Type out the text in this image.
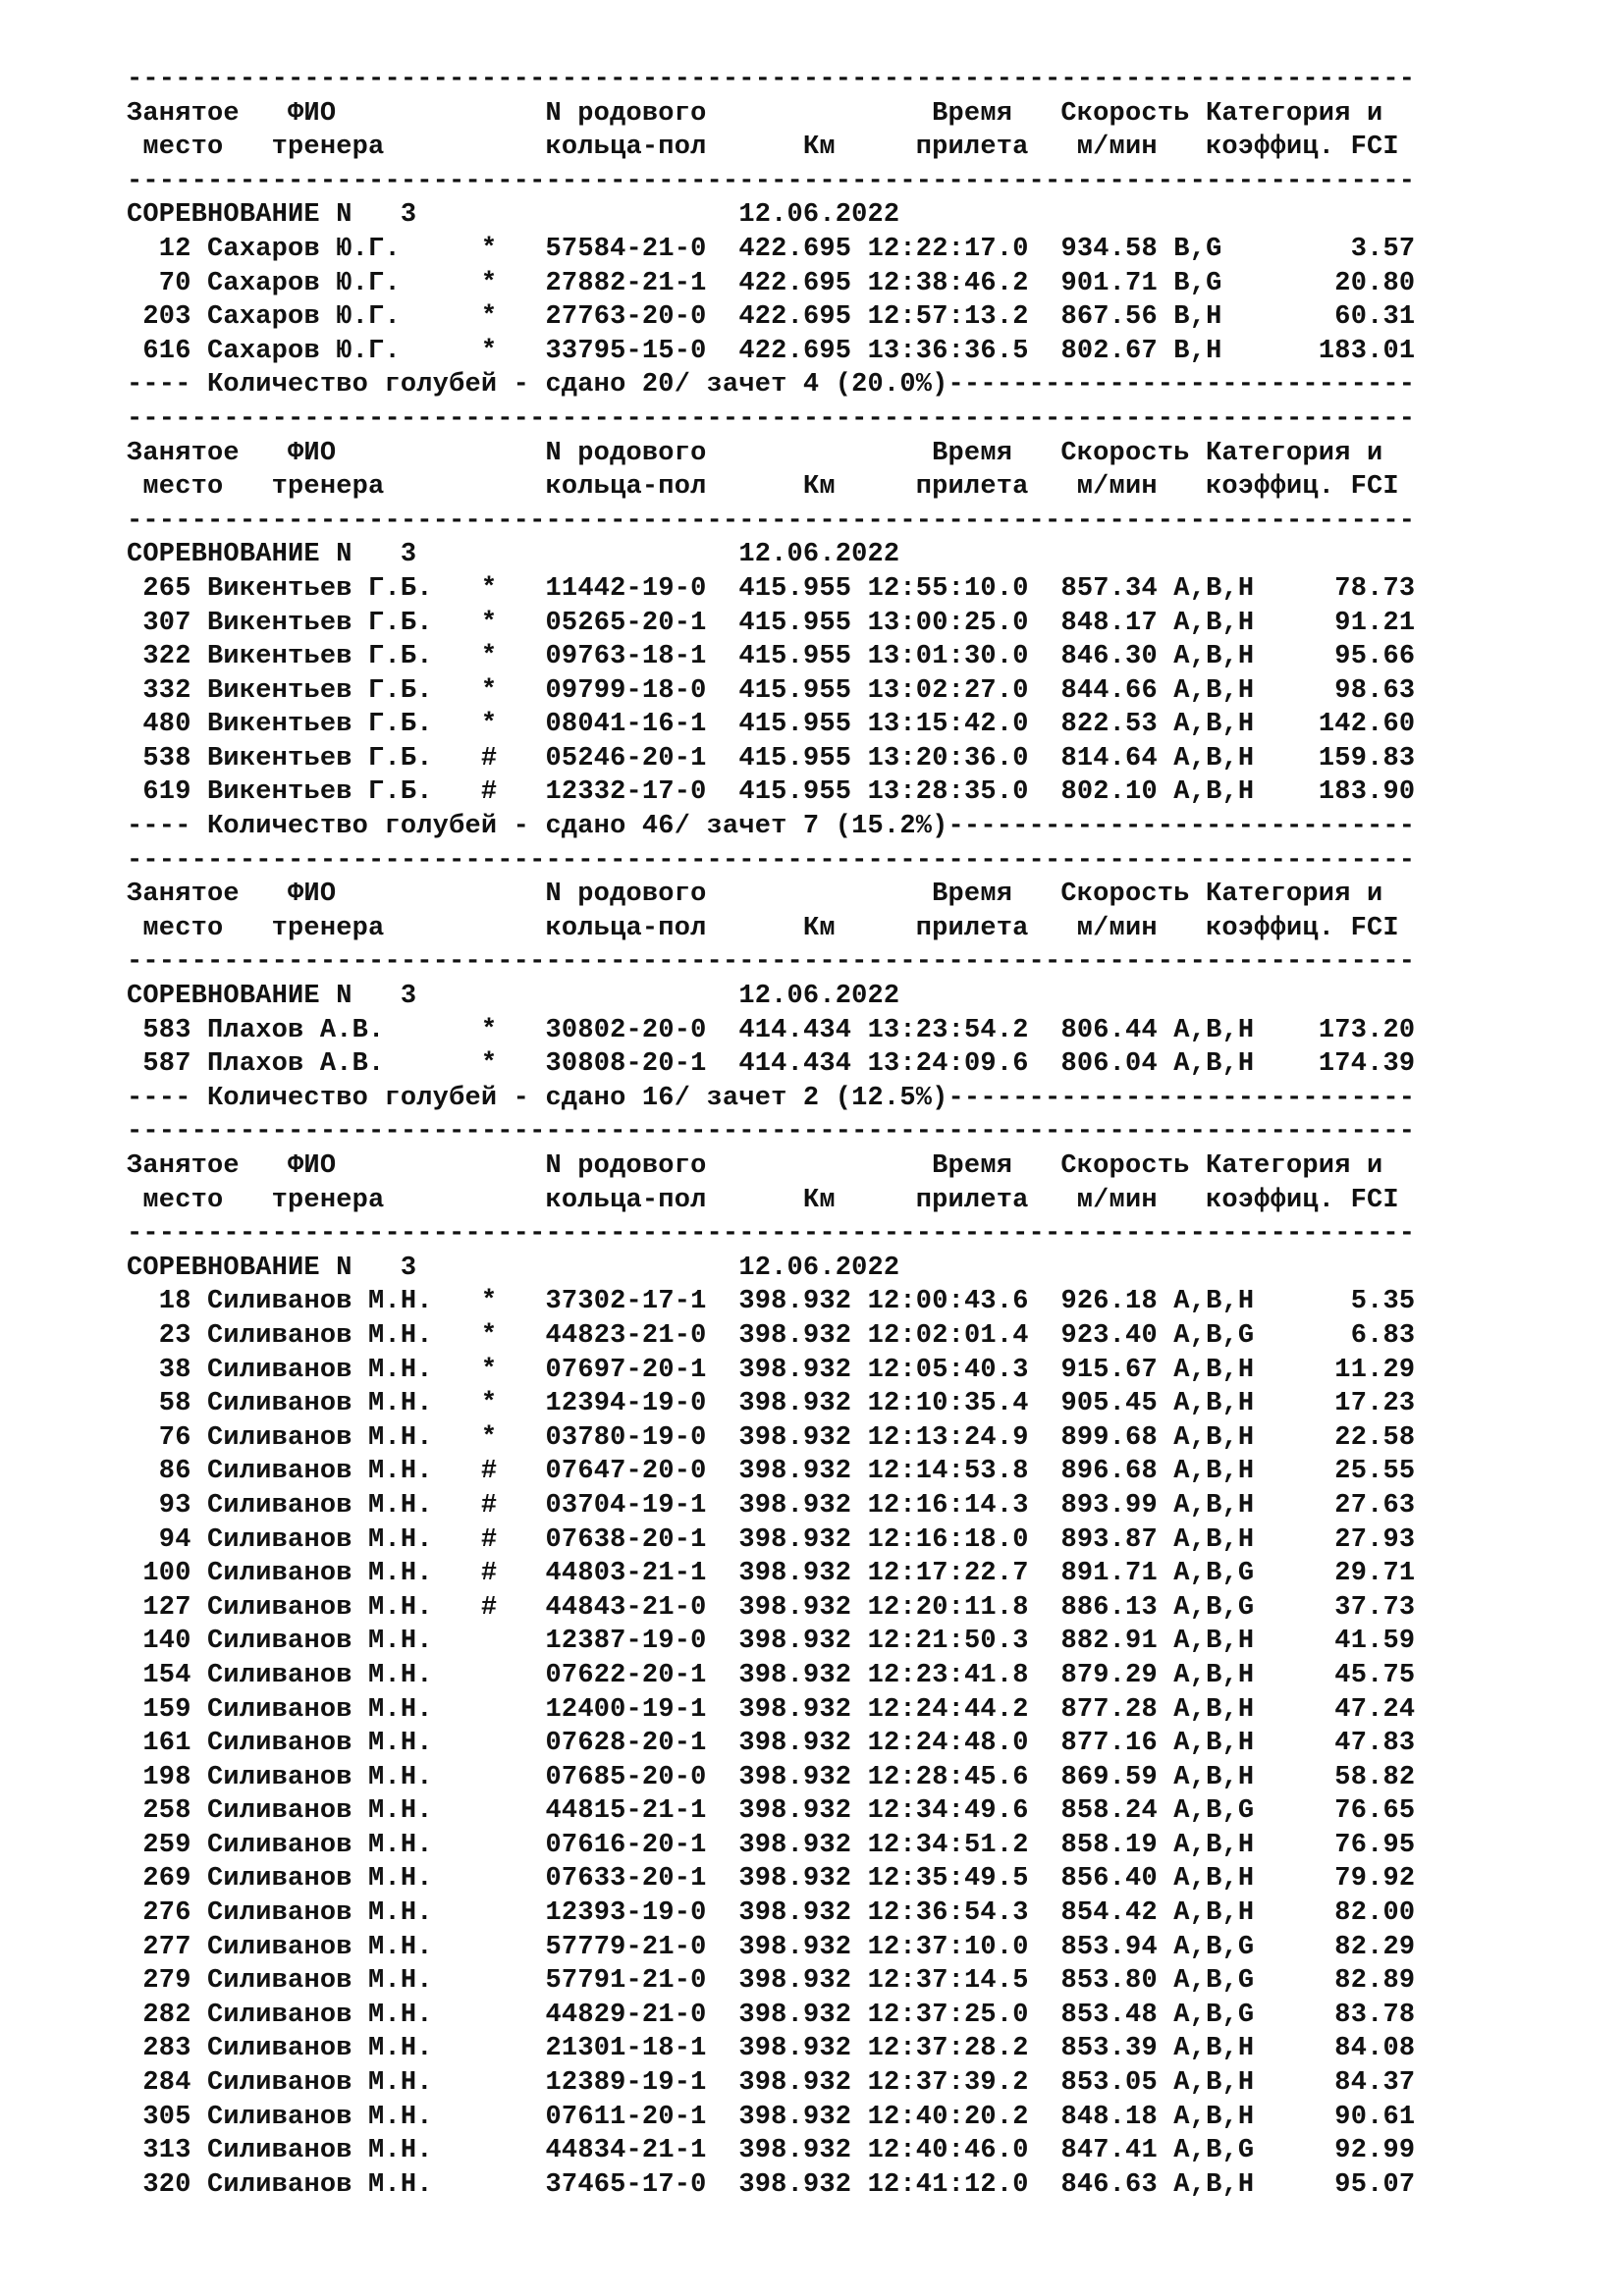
--------------------------------------------------------------------------------
Занятое   ФИО             N родового              Время   Скорость Категория и
место   тренера          кольца-пол      Км     прилета   м/мин   коэффиц. FCI
--------------------------------------------------------------------------------
СОРЕВНОВАНИЕ N   3                    12.06.2022
12 Сахаров Ю.Г.     * 57584-21-0 422.695 12:22:17.0 934.58 B,G        3.57
70 Сахаров Ю.Г.     * 27882-21-1 422.695 12:38:46.2 901.71 B,G       20.80
203 Сахаров Ю.Г.     * 27763-20-0 422.695 12:57:13.2 867.56 B,H       60.31
616 Сахаров Ю.Г.     * 33795-15-0 422.695 13:36:36.5 802.67 B,H      183.01
---- Количество голубей - сдано 20/ зачет 4 (20.0%)-----------------------------
--------------------------------------------------------------------------------
Занятое   ФИО             N родового              Время   Скорость Категория и
место   тренера          кольца-пол      Км     прилета   м/мин   коэффиц. FCI
--------------------------------------------------------------------------------
СОРЕВНОВАНИЕ N   3                    12.06.2022
265 Викентьев Г.Б.   * 11442-19-0 415.955 12:55:10.0 857.34 A,B,H     78.73
307 Викентьев Г.Б.   * 05265-20-1 415.955 13:00:25.0 848.17 A,B,H     91.21
322 Викентьев Г.Б.   * 09763-18-1 415.955 13:01:30.0 846.30 A,B,H     95.66
332 Викентьев Г.Б.   * 09799-18-0 415.955 13:02:27.0 844.66 A,B,H     98.63
480 Викентьев Г.Б.   * 08041-16-1 415.955 13:15:42.0 822.53 A,B,H    142.60
538 Викентьев Г.Б.   # 05246-20-1 415.955 13:20:36.0 814.64 A,B,H    159.83
619 Викентьев Г.Б.   # 12332-17-0 415.955 13:28:35.0 802.10 A,B,H    183.90
---- Количество голубей - сдано 46/ зачет 7 (15.2%)-----------------------------
--------------------------------------------------------------------------------
Занятое   ФИО             N родового              Время   Скорость Категория и
место   тренера          кольца-пол      Км     прилета   м/мин   коэффиц. FCI
--------------------------------------------------------------------------------
СОРЕВНОВАНИЕ N   3                    12.06.2022
583 Плахов А.В.      * 30802-20-0 414.434 13:23:54.2 806.44 A,B,H    173.20
587 Плахов А.В.      * 30808-20-1 414.434 13:24:09.6 806.04 A,B,H    174.39
---- Количество голубей - сдано 16/ зачет 2 (12.5%)-----------------------------
--------------------------------------------------------------------------------
Занятое   ФИО             N родового              Время   Скорость Категория и
место   тренера          кольца-пол      Км     прилета   м/мин   коэффиц. FCI
--------------------------------------------------------------------------------
СОРЕВНОВАНИЕ N   3                    12.06.2022
18 Силиванов М.Н.   * 37302-17-1 398.932 12:00:43.6 926.18 A,B,H      5.35
23 Силиванов М.Н.   * 44823-21-0 398.932 12:02:01.4 923.40 A,B,G      6.83
38 Силиванов М.Н.   * 07697-20-1 398.932 12:05:40.3 915.67 A,B,H     11.29
58 Силиванов М.Н.   * 12394-19-0 398.932 12:10:35.4 905.45 A,B,H     17.23
76 Силиванов М.Н.   * 03780-19-0 398.932 12:13:24.9 899.68 A,B,H     22.58
86 Силиванов М.Н.   # 07647-20-0 398.932 12:14:53.8 896.68 A,B,H     25.55
93 Силиванов М.Н.   # 03704-19-1 398.932 12:16:14.3 893.99 A,B,H     27.63
94 Силиванов М.Н.   # 07638-20-1 398.932 12:16:18.0 893.87 A,B,H     27.93
100 Силиванов М.Н.   # 44803-21-1 398.932 12:17:22.7 891.71 A,B,G     29.71
127 Силиванов М.Н.   # 44843-21-0 398.932 12:20:11.8 886.13 A,B,G     37.73
140 Силиванов М.Н.	12387-19-0 398.932 12:21:50.3 882.91 A,B,H     41.59
154 Силиванов М.Н.	07622-20-1 398.932 12:23:41.8 879.29 A,B,H     45.75
159 Силиванов М.Н.	12400-19-1 398.932 12:24:44.2 877.28 A,B,H     47.24
161 Силиванов М.Н.	07628-20-1 398.932 12:24:48.0 877.16 A,B,H     47.83
198 Силиванов М.Н.	07685-20-0 398.932 12:28:45.6 869.59 A,B,H     58.82
258 Силиванов М.Н.	44815-21-1 398.932 12:34:49.6 858.24 A,B,G     76.65
259 Силиванов М.Н.	07616-20-1 398.932 12:34:51.2 858.19 A,B,H     76.95
269 Силиванов М.Н.	07633-20-1 398.932 12:35:49.5 856.40 A,B,H     79.92
276 Силиванов М.Н.	12393-19-0 398.932 12:36:54.3 854.42 A,B,H     82.00
277 Силиванов М.Н.	57779-21-0 398.932 12:37:10.0 853.94 A,B,G     82.29
279 Силиванов М.Н.	57791-21-0 398.932 12:37:14.5 853.80 A,B,G     82.89
282 Силиванов М.Н.	44829-21-0 398.932 12:37:25.0 853.48 A,B,G     83.78
283 Силиванов М.Н.	21301-18-1 398.932 12:37:28.2 853.39 A,B,H     84.08
284 Силиванов М.Н.	12389-19-1 398.932 12:37:39.2 853.05 A,B,H     84.37
305 Силиванов М.Н.	07611-20-1 398.932 12:40:20.2 848.18 A,B,H     90.61
313 Силиванов М.Н.	44834-21-1 398.932 12:40:46.0 847.41 A,B,G     92.99
320 Силиванов М.Н.	37465-17-0 398.932 12:41:12.0 846.63 A,B,H     95.07
